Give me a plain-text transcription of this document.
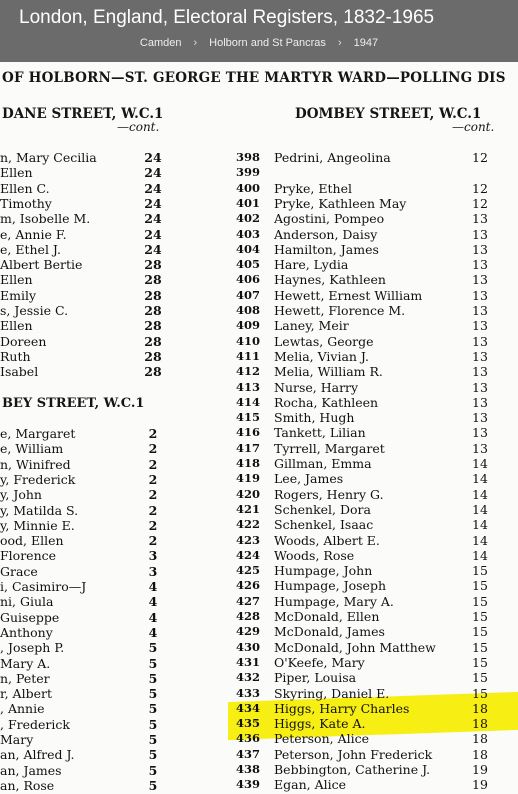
London, England, Electoral Registers, 1832-1965
Camden › Holborn and St Pancras › 1947
OF HOLBORN—ST. GEORGE THE MARTYR WARD—POLLING DIS
DANE STREET, W.C.1
—cont.
DOMBEY STREET, W.C.1
—cont.
BEY STREET, W.C.1
n, Mary Cecilia	24
Ellen	24
Ellen C.	24
Timothy	24
m, Isobelle M.	24
e, Annie F.	24
e, Ethel J.	24
Albert Bertie	28
Ellen	28
Emily	28
s, Jessie C.	28
Ellen	28
Doreen	28
Ruth	28
Isabel	28
e, Margaret	2
e, William	2
n, Winifred	2
y, Frederick	2
y, John	2
y, Matilda S.	2
y, Minnie E.	2
ood, Ellen	2
Florence	3
Grace	3
i, Casimiro—J	4
ni, Giula	4
Guiseppe	4
Anthony	4
, Joseph P.	5
Mary A.	5
n, Peter	5
r, Albert	5
, Annie	5
, Frederick	5
Mary	5
an, Alfred J.	5
an, James	5
an, Rose	5
398 Pedrini, Angeolina	12
399
400 Pryke, Ethel	12
401 Pryke, Kathleen May	12
402 Agostini, Pompeo	13
403 Anderson, Daisy	13
404 Hamilton, James	13
405 Hare, Lydia	13
406 Haynes, Kathleen	13
407 Hewett, Ernest William	13
408 Hewett, Florence M.	13
409 Laney, Meir	13
410 Lewtas, George	13
411 Melia, Vivian J.	13
412 Melia, William R.	13
413 Nurse, Harry	13
414 Rocha, Kathleen	13
415 Smith, Hugh	13
416 Tankett, Lilian	13
417 Tyrrell, Margaret	13
418 Gillman, Emma	14
419 Lee, James	14
420 Rogers, Henry G.	14
421 Schenkel, Dora	14
422 Schenkel, Isaac	14
423 Woods, Albert E.	14
424 Woods, Rose	14
425 Humpage, John	15
426 Humpage, Joseph	15
427 Humpage, Mary A.	15
428 McDonald, Ellen	15
429 McDonald, James	15
430 McDonald, John Matthew	15
431 O'Keefe, Mary	15
432 Piper, Louisa	15
433 Skyring, Daniel E.	15
434 Higgs, Harry Charles	18
435 Higgs, Kate A.	18
436 Peterson, Alice	18
437 Peterson, John Frederick	18
438 Bebbington, Catherine J.	19
439 Egan, Alice	19
